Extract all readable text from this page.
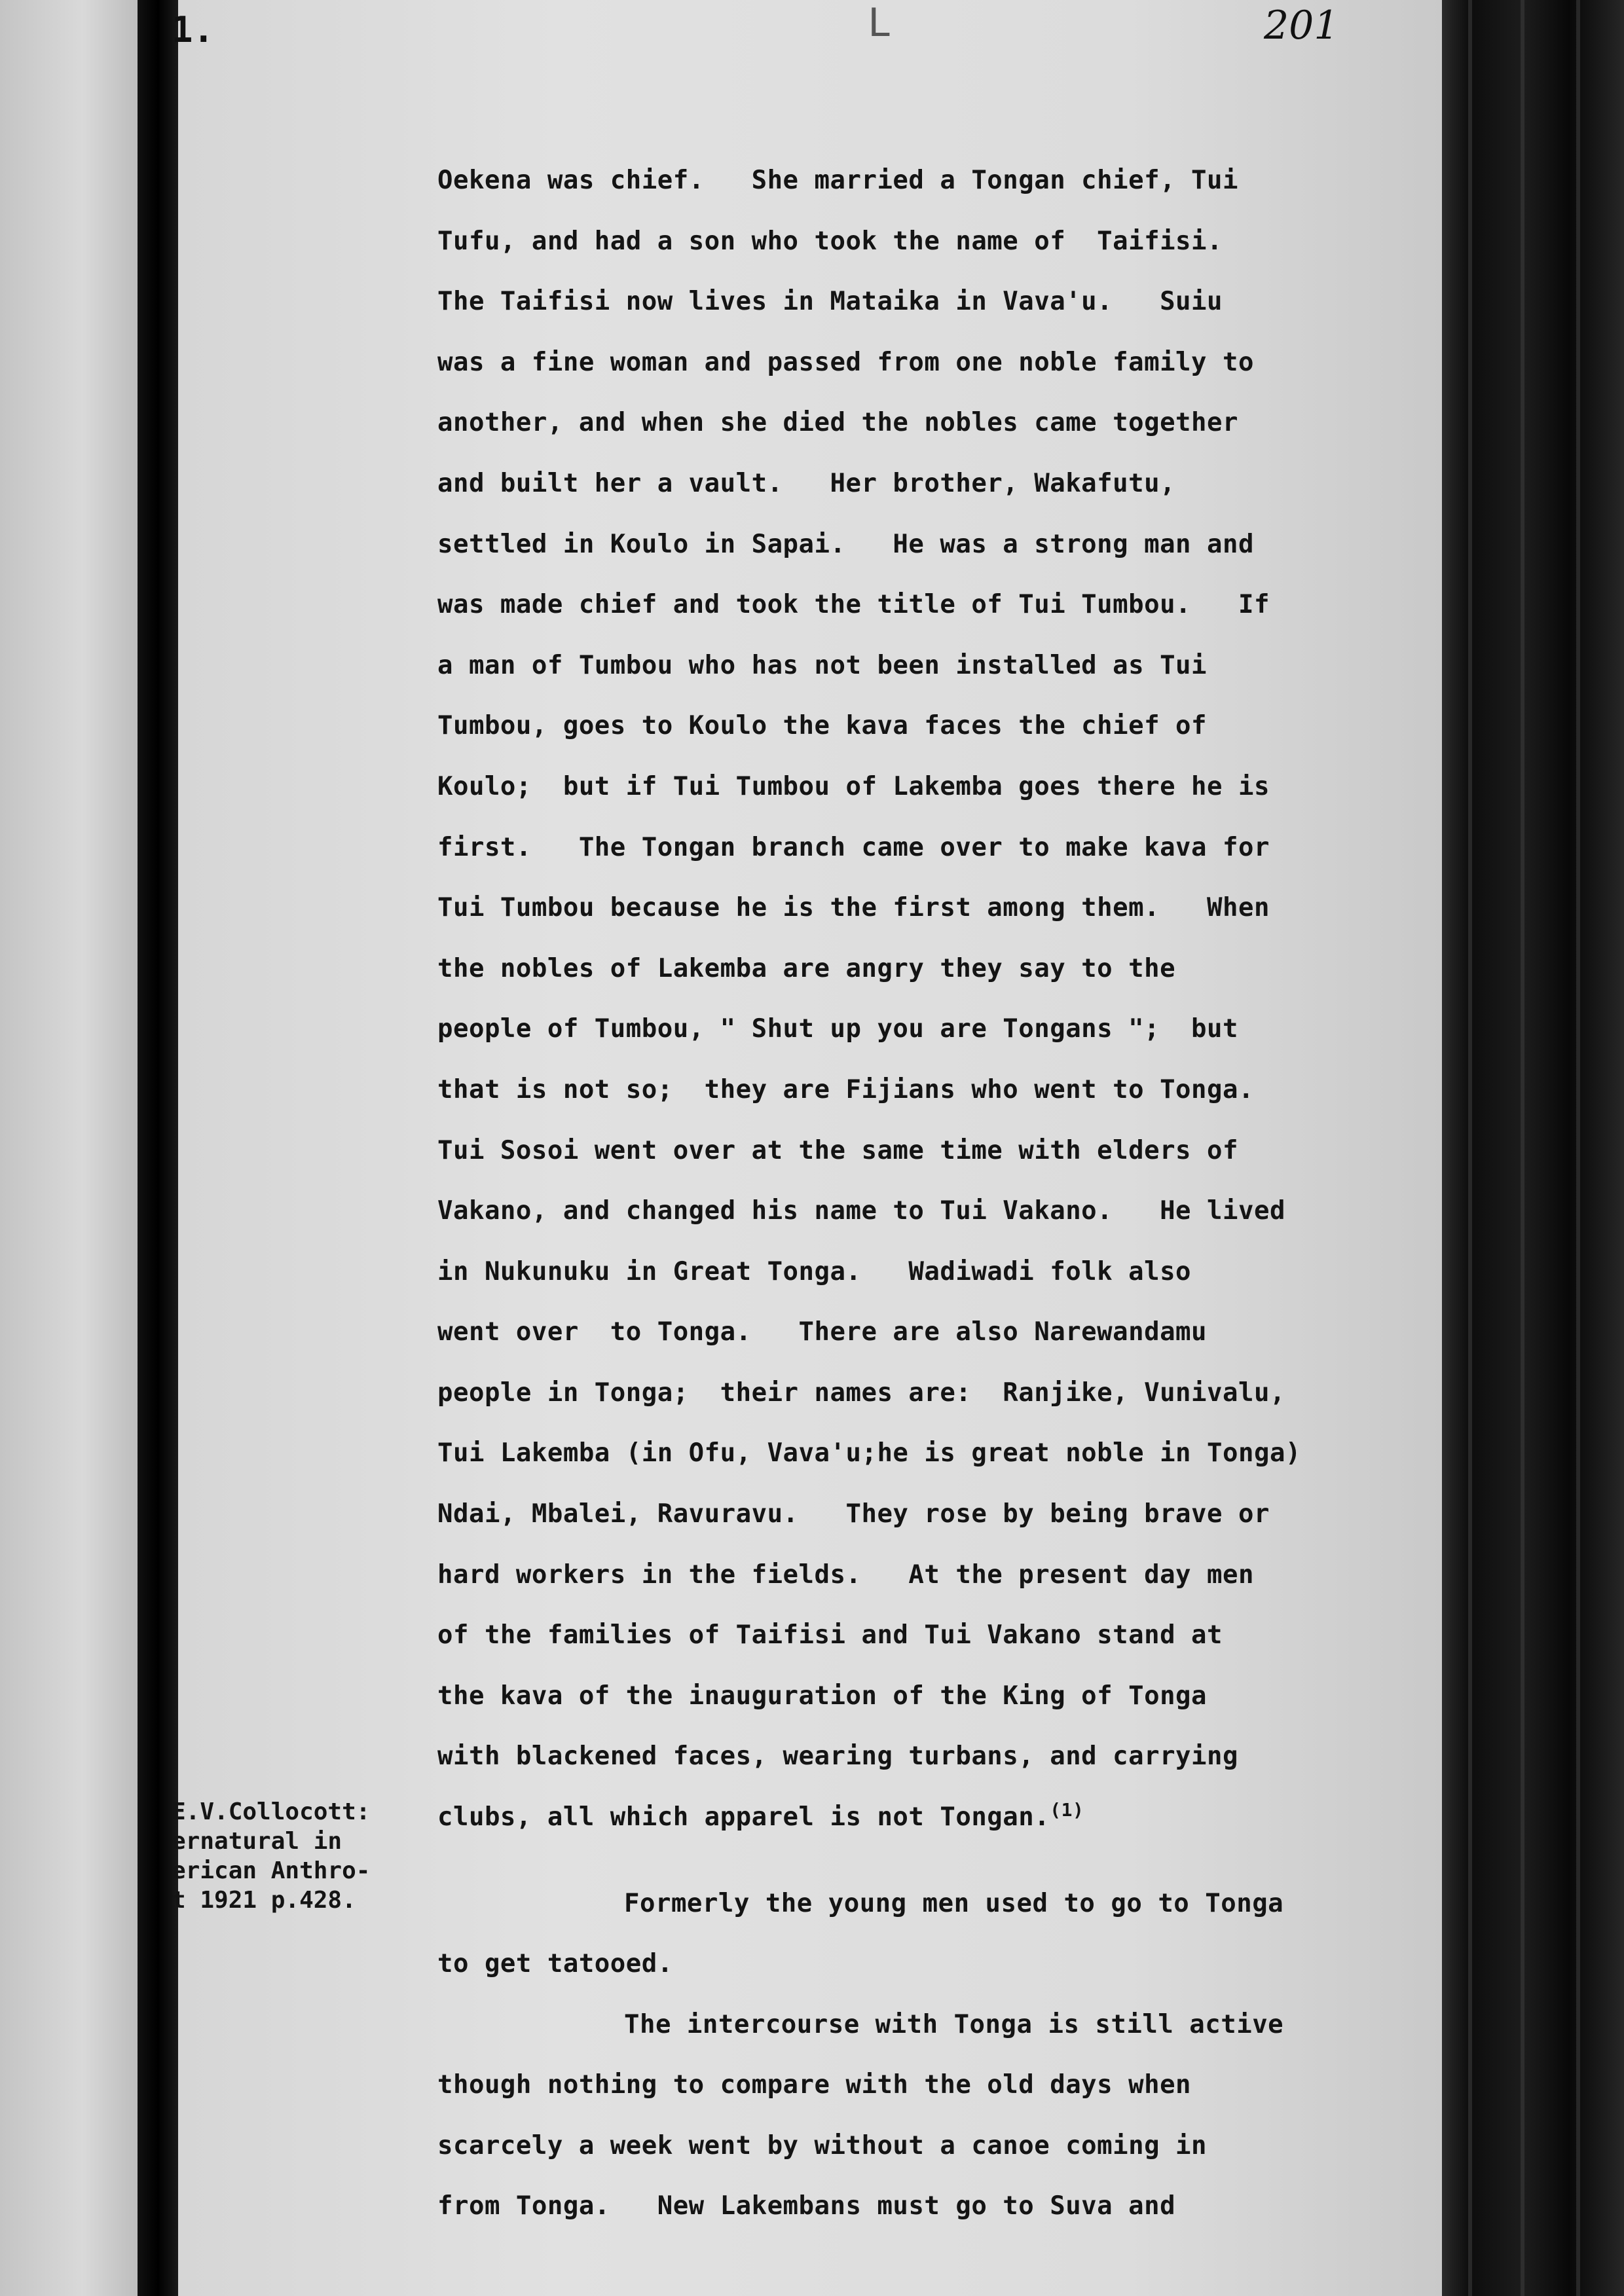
1.	L	201
Oekena was chief.   She married a Tongan chief, Tui
Tufu, and had a son who took the name of  Taifisi.
The Taifisi now lives in Mataika in Vava'u.   Suiu
was a fine woman and passed from one noble family to
another, and when she died the nobles came together
and built her a vault.   Her brother, Wakafutu,
settled in Koulo in Sapai.   He was a strong man and
was made chief and took the title of Tui Tumbou.   If
a man of Tumbou who has not been installed as Tui
Tumbou, goes to Koulo the kava faces the chief of
Koulo;  but if Tui Tumbou of Lakemba goes there he is
first.   The Tongan branch came over to make kava for
Tui Tumbou because he is the first among them.   When
the nobles of Lakemba are angry they say to the
people of Tumbou, " Shut up you are Tongans ";  but
that is not so;  they are Fijians who went to Tonga.
Tui Sosoi went over at the same time with elders of
Vakano, and changed his name to Tui Vakano.   He lived
in Nukunuku in Great Tonga.   Wadiwadi folk also
went over  to Tonga.   There are also Narewandamu
people in Tonga;  their names are:  Ranjike, Vunivalu,
Tui Lakemba (in Ofu, Vava'u;he is great noble in Tonga)
Ndai, Mbalei, Ravuravu.   They rose by being brave or
hard workers in the fields.   At the present day men
of the families of Taifisi and Tui Vakano stand at
the kava of the inauguration of the King of Tonga
with blackened faces, wearing turbans, and carrying
clubs, all which apparel is not Tongan.$^{(1)}$
E.V.Collocott:
ernatural in
erican Anthro-
t 1921 p.428.	Formerly the young men used to go to Tonga
to get tatooed.
The intercourse with Tonga is still active
though nothing to compare with the old days when
scarcely a week went by without a canoe coming in
from Tonga.   New Lakembans must go to Suva and
